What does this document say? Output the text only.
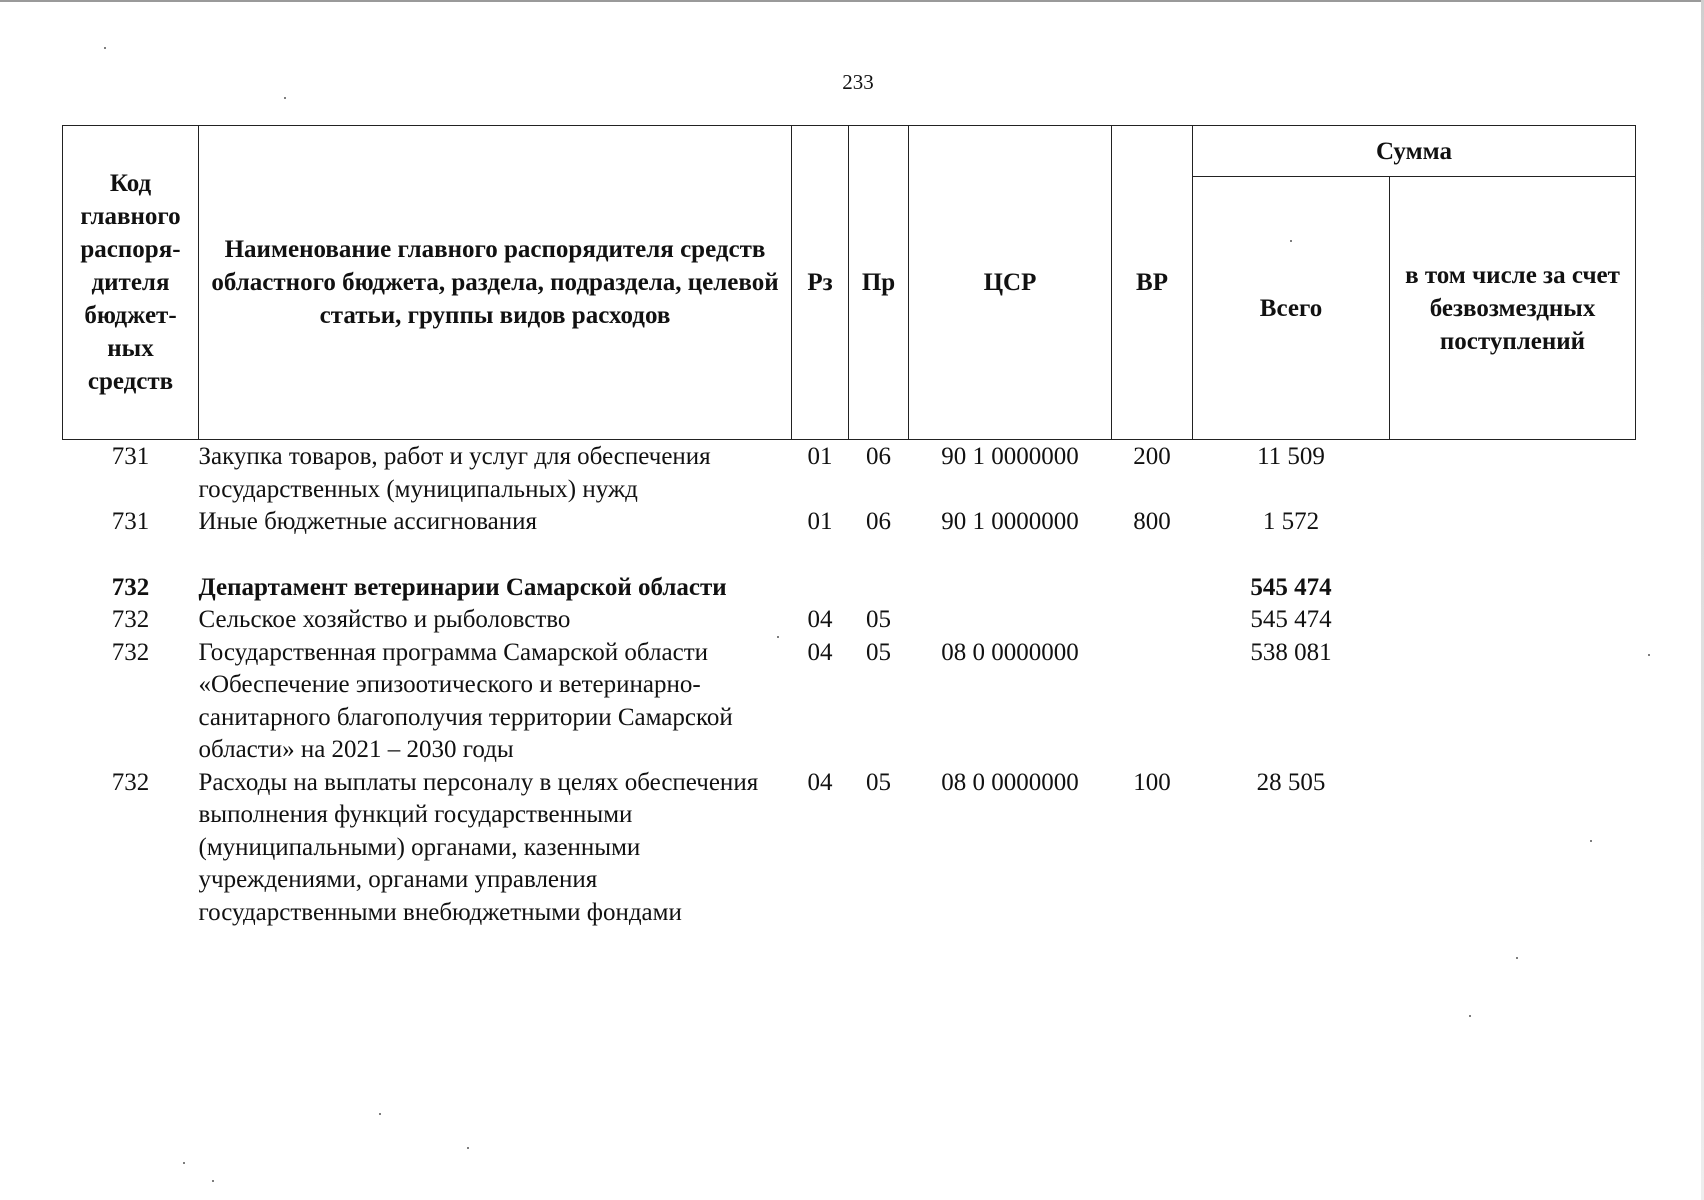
233
Код главного распоря-дителя бюджет-ных средств	Наименование главного распорядителя средств областного бюджета, раздела, подраздела, целевой статьи, группы видов расходов	Рз	Пр	ЦСР	ВР	Сумма	
						Всего	в том числе за счет безвозмездных поступлений
731	Закупка товаров, работ и услуг для обеспечения государственных (муниципальных) нужд	01	06	90 1 0000000	200	11 509	
731	Иные бюджетные ассигнования	01	06	90 1 0000000	800	1 572	

732	Департамент ветеринарии Самарской области					545 474	
732	Сельское хозяйство и рыболовство	04	05			545 474	
732	Государственная программа Самарской области «Обеспечение эпизоотического и ветеринарно-санитарного благополучия территории Самарской области» на 2021 – 2030 годы	04	05	08 0 0000000		538 081	
732	Расходы на выплаты персоналу в целях обеспечения выполнения функций государственными (муниципальными) органами, казенными учреждениями, органами управления государственными внебюджетными фондами	04	05	08 0 0000000	100	28 505	
